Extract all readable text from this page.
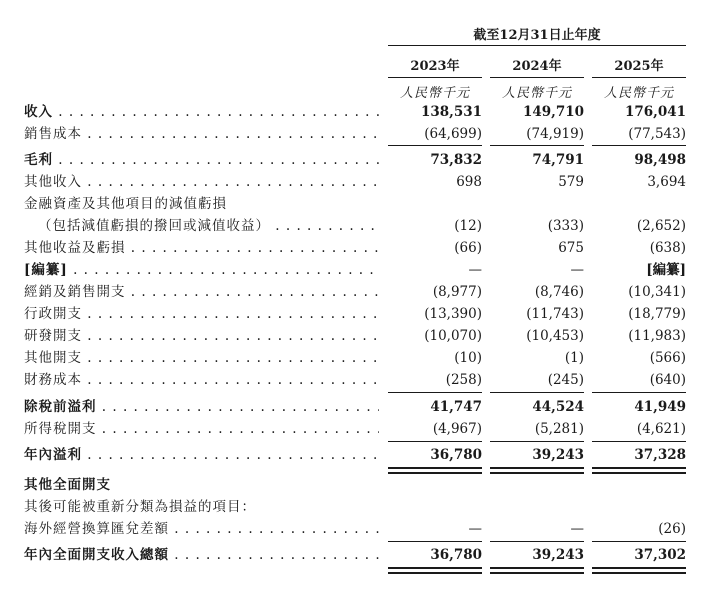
截至12月31日止年度
2023年	2024年	2025年
人民幣千元	人民幣千元	人民幣千元
收入 . . .	138,531	149,710	176,041
銷售成本 . . .	(64,699)	(74,919)	(77,543)
毛利 . . .	73,832	74,791	98,498
其他收入 . . .	698	579	3,694
金融資產及其他項目的減值虧損
（包括減值虧損的撥回或減值收益） . . .	(12)	(333)	(2,652)
其他收益及虧損 . . .	(66)	675	(638)
[編纂] . . .	—	—	[編纂]
經銷及銷售開支 . . .	(8,977)	(8,746)	(10,341)
行政開支 . . .	(13,390)	(11,743)	(18,779)
研發開支 . . .	(10,070)	(10,453)	(11,983)
其他開支 . . .	(10)	(1)	(566)
財務成本 . . .	(258)	(245)	(640)
除稅前溢利 . . .	41,747	44,524	41,949
所得稅開支 . . .	(4,967)	(5,281)	(4,621)
年內溢利 . . .	36,780	39,243	37,328
其他全面開支
其後可能被重新分類為損益的項目：
海外經營換算匯兌差額 . . .	—	—	(26)
年內全面開支收入總額 . . .	36,780	39,243	37,302
